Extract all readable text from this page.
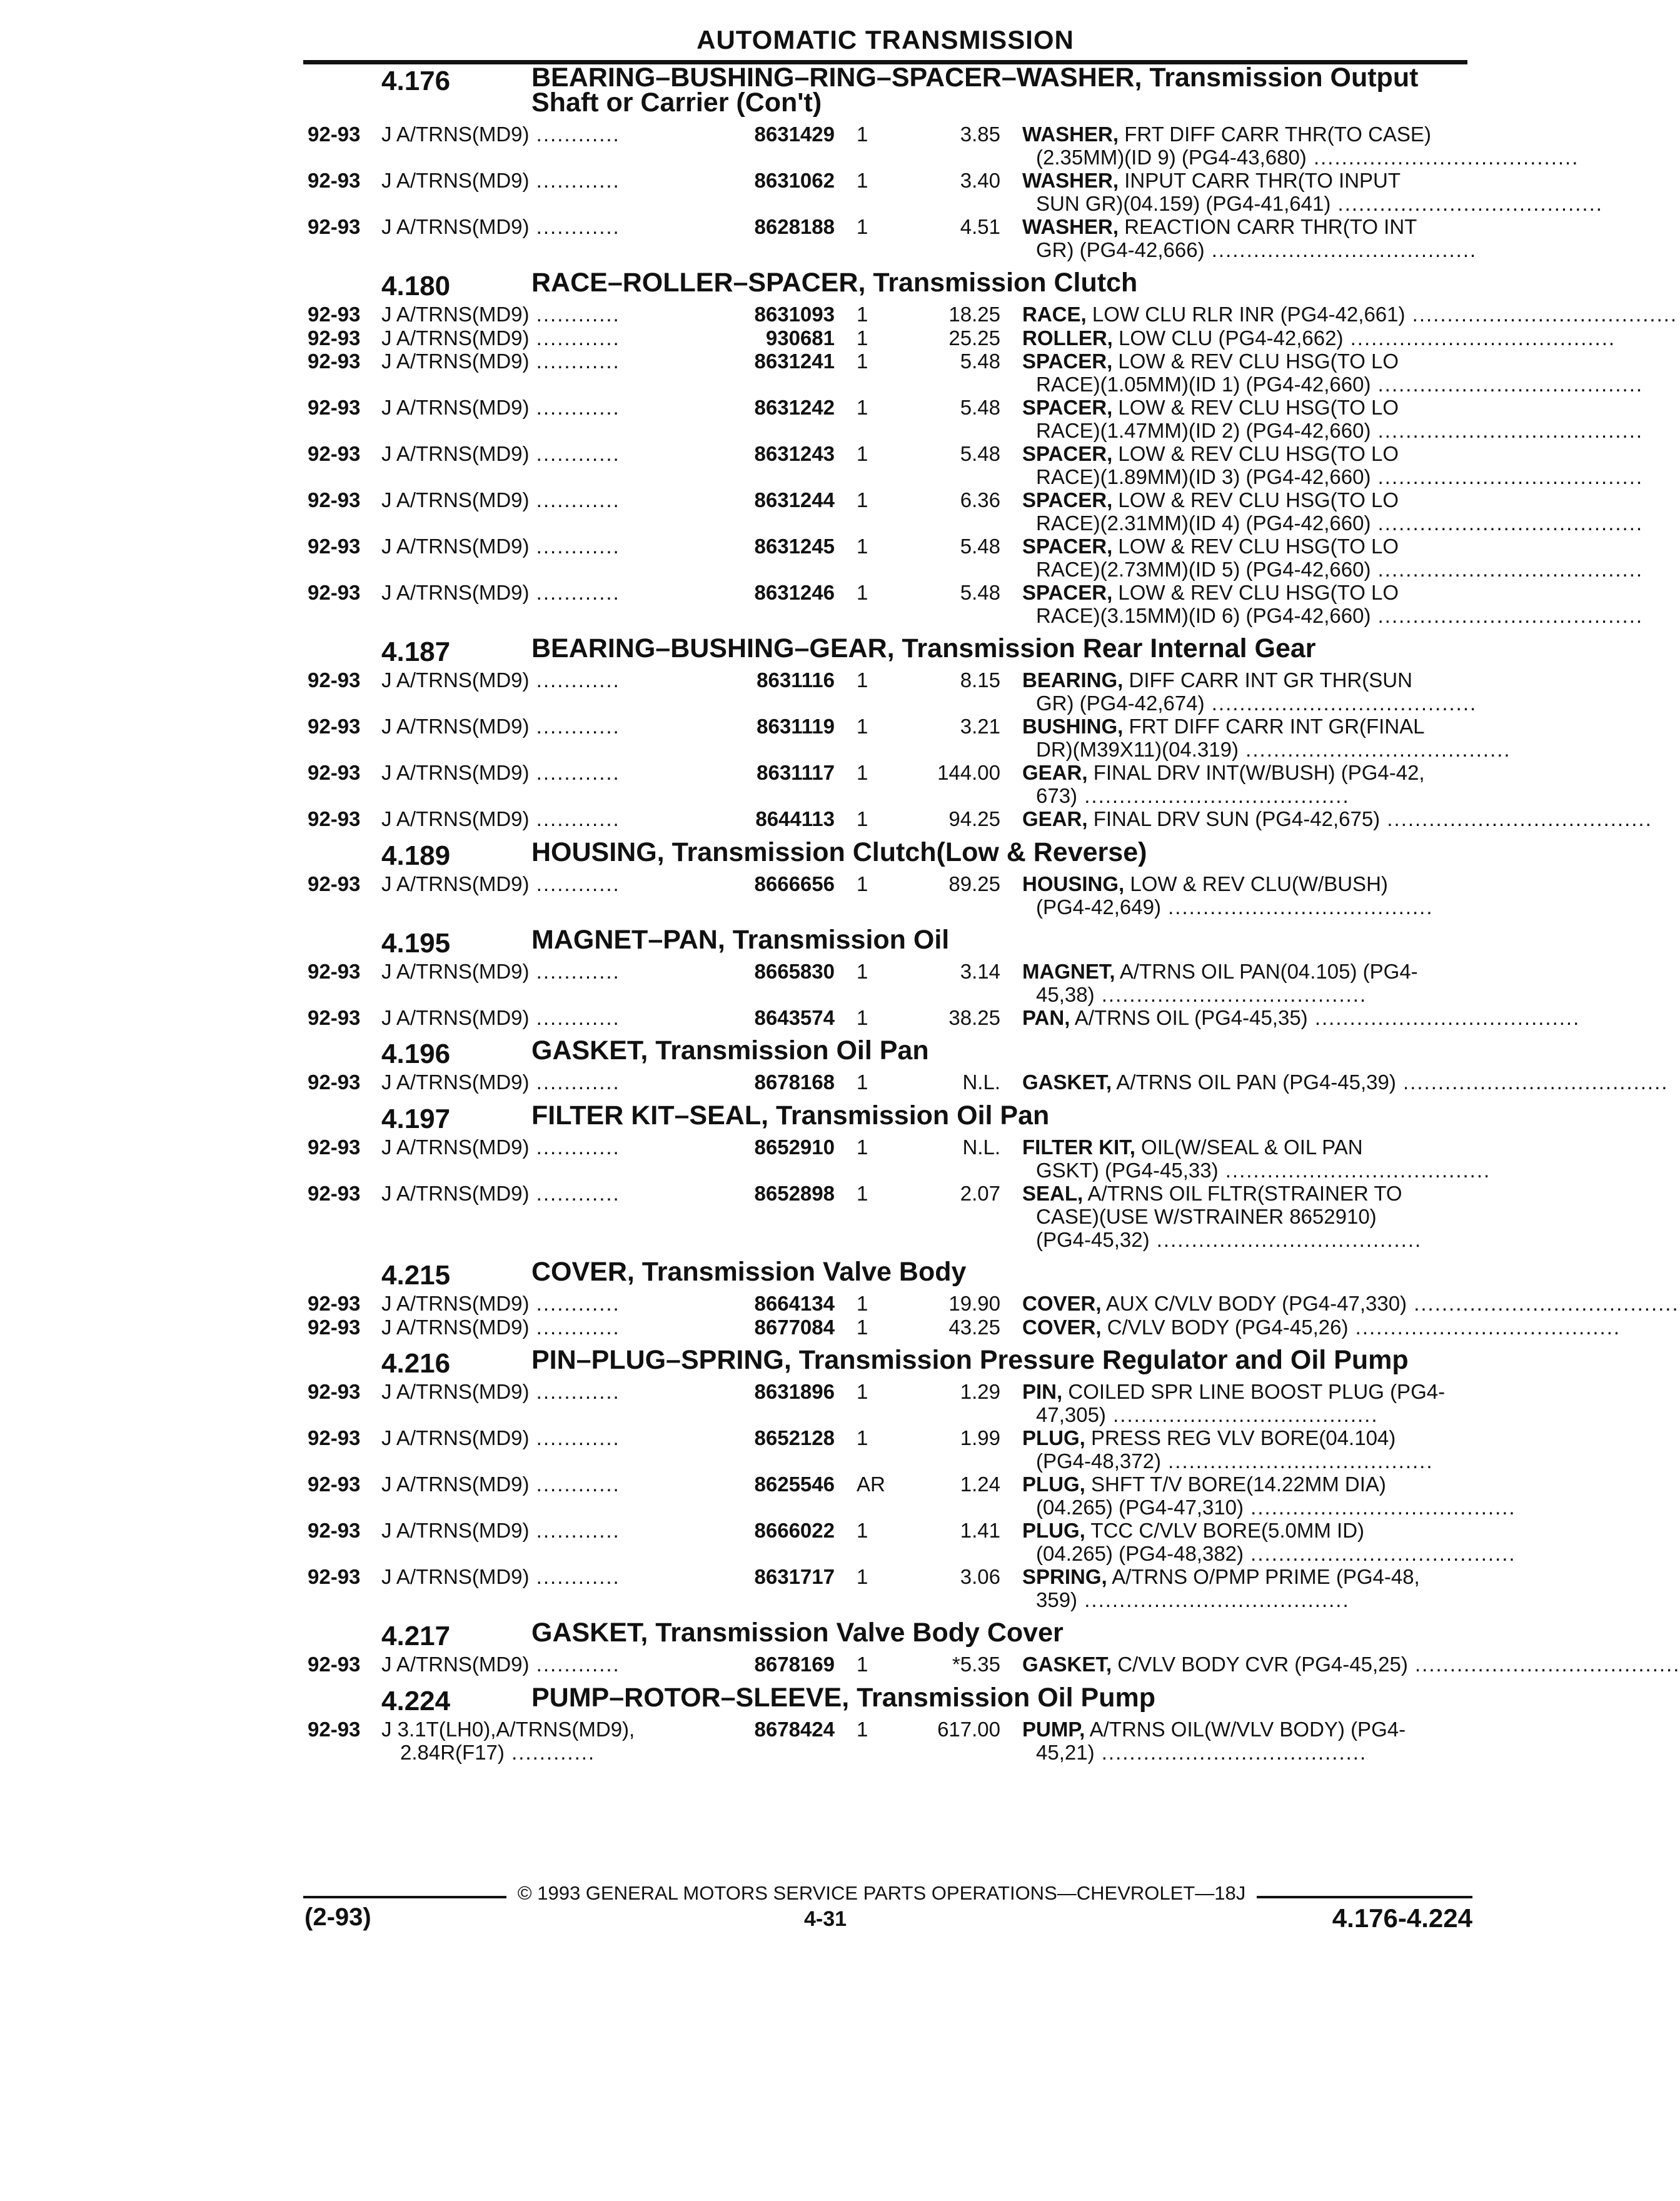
AUTOMATIC TRANSMISSION
4.176	BEARING–BUSHING–RING–SPACER–WASHER, Transmission Output
Shaft or Carrier (Con't)
92-93 J A/TRNS(MD9) ............	8631429 1	3.85 WASHER, FRT DIFF CARR THR(TO CASE)
(2.35MM)(ID 9) (PG4-43,680) ......................................
92-93 J A/TRNS(MD9) ............	8631062 1	3.40 WASHER, INPUT CARR THR(TO INPUT
SUN GR)(04.159) (PG4-41,641) ......................................
92-93 J A/TRNS(MD9) ............	8628188 1	4.51 WASHER, REACTION CARR THR(TO INT
GR) (PG4-42,666) ......................................
4.180	RACE–ROLLER–SPACER, Transmission Clutch
92-93 J A/TRNS(MD9) ............	8631093 1	18.25 RACE, LOW CLU RLR INR (PG4-42,661) ......................................
92-93 J A/TRNS(MD9) ............	930681 1	25.25 ROLLER, LOW CLU (PG4-42,662) ......................................
92-93 J A/TRNS(MD9) ............	8631241 1	5.48 SPACER, LOW & REV CLU HSG(TO LO
RACE)(1.05MM)(ID 1) (PG4-42,660) ......................................
92-93 J A/TRNS(MD9) ............	8631242 1	5.48 SPACER, LOW & REV CLU HSG(TO LO
RACE)(1.47MM)(ID 2) (PG4-42,660) ......................................
92-93 J A/TRNS(MD9) ............	8631243 1	5.48 SPACER, LOW & REV CLU HSG(TO LO
RACE)(1.89MM)(ID 3) (PG4-42,660) ......................................
92-93 J A/TRNS(MD9) ............	8631244 1	6.36 SPACER, LOW & REV CLU HSG(TO LO
RACE)(2.31MM)(ID 4) (PG4-42,660) ......................................
92-93 J A/TRNS(MD9) ............	8631245 1	5.48 SPACER, LOW & REV CLU HSG(TO LO
RACE)(2.73MM)(ID 5) (PG4-42,660) ......................................
92-93 J A/TRNS(MD9) ............	8631246 1	5.48 SPACER, LOW & REV CLU HSG(TO LO
RACE)(3.15MM)(ID 6) (PG4-42,660) ......................................
4.187	BEARING–BUSHING–GEAR, Transmission Rear Internal Gear
92-93 J A/TRNS(MD9) ............	8631116 1	8.15 BEARING, DIFF CARR INT GR THR(SUN
GR) (PG4-42,674) ......................................
92-93 J A/TRNS(MD9) ............	8631119 1	3.21 BUSHING, FRT DIFF CARR INT GR(FINAL
DR)(M39X11)(04.319) ......................................
92-93 J A/TRNS(MD9) ............	8631117 1	144.00 GEAR, FINAL DRV INT(W/BUSH) (PG4-42,
673) ......................................
92-93 J A/TRNS(MD9) ............	8644113 1	94.25 GEAR, FINAL DRV SUN (PG4-42,675) ......................................
4.189	HOUSING, Transmission Clutch(Low & Reverse)
92-93 J A/TRNS(MD9) ............	8666656 1	89.25 HOUSING, LOW & REV CLU(W/BUSH)
(PG4-42,649) ......................................
4.195	MAGNET–PAN, Transmission Oil
92-93 J A/TRNS(MD9) ............	8665830 1	3.14 MAGNET, A/TRNS OIL PAN(04.105) (PG4-
45,38) ......................................
92-93 J A/TRNS(MD9) ............	8643574 1	38.25 PAN, A/TRNS OIL (PG4-45,35) ......................................
4.196	GASKET, Transmission Oil Pan
92-93 J A/TRNS(MD9) ............	8678168 1	N.L. GASKET, A/TRNS OIL PAN (PG4-45,39) ......................................
4.197	FILTER KIT–SEAL, Transmission Oil Pan
92-93 J A/TRNS(MD9) ............	8652910 1	N.L. FILTER KIT, OIL(W/SEAL & OIL PAN
GSKT) (PG4-45,33) ......................................
92-93 J A/TRNS(MD9) ............	8652898 1	2.07 SEAL, A/TRNS OIL FLTR(STRAINER TO
CASE)(USE W/STRAINER 8652910)
(PG4-45,32) ......................................
4.215	COVER, Transmission Valve Body
92-93 J A/TRNS(MD9) ............	8664134 1	19.90 COVER, AUX C/VLV BODY (PG4-47,330) ......................................
92-93 J A/TRNS(MD9) ............	8677084 1	43.25 COVER, C/VLV BODY (PG4-45,26) ......................................
4.216	PIN–PLUG–SPRING, Transmission Pressure Regulator and Oil Pump
92-93 J A/TRNS(MD9) ............	8631896 1	1.29 PIN, COILED SPR LINE BOOST PLUG (PG4-
47,305) ......................................
92-93 J A/TRNS(MD9) ............	8652128 1	1.99 PLUG, PRESS REG VLV BORE(04.104)
(PG4-48,372) ......................................
92-93 J A/TRNS(MD9) ............	8625546 AR	1.24 PLUG, SHFT T/V BORE(14.22MM DIA)
(04.265) (PG4-47,310) ......................................
92-93 J A/TRNS(MD9) ............	8666022 1	1.41 PLUG, TCC C/VLV BORE(5.0MM ID)
(04.265) (PG4-48,382) ......................................
92-93 J A/TRNS(MD9) ............	8631717 1	3.06 SPRING, A/TRNS O/PMP PRIME (PG4-48,
359) ......................................
4.217	GASKET, Transmission Valve Body Cover
92-93 J A/TRNS(MD9) ............	8678169 1	*5.35 GASKET, C/VLV BODY CVR (PG4-45,25) ......................................
4.224	PUMP–ROTOR–SLEEVE, Transmission Oil Pump
92-93 J 3.1T(LH0),A/TRNS(MD9),
2.84R(F17) ............
8678424 1	617.00 PUMP, A/TRNS OIL(W/VLV BODY) (PG4-
45,21) ......................................
© 1993 GENERAL MOTORS SERVICE PARTS OPERATIONS—CHEVROLET—18J
(2-93)	4-31	4.176-4.224
